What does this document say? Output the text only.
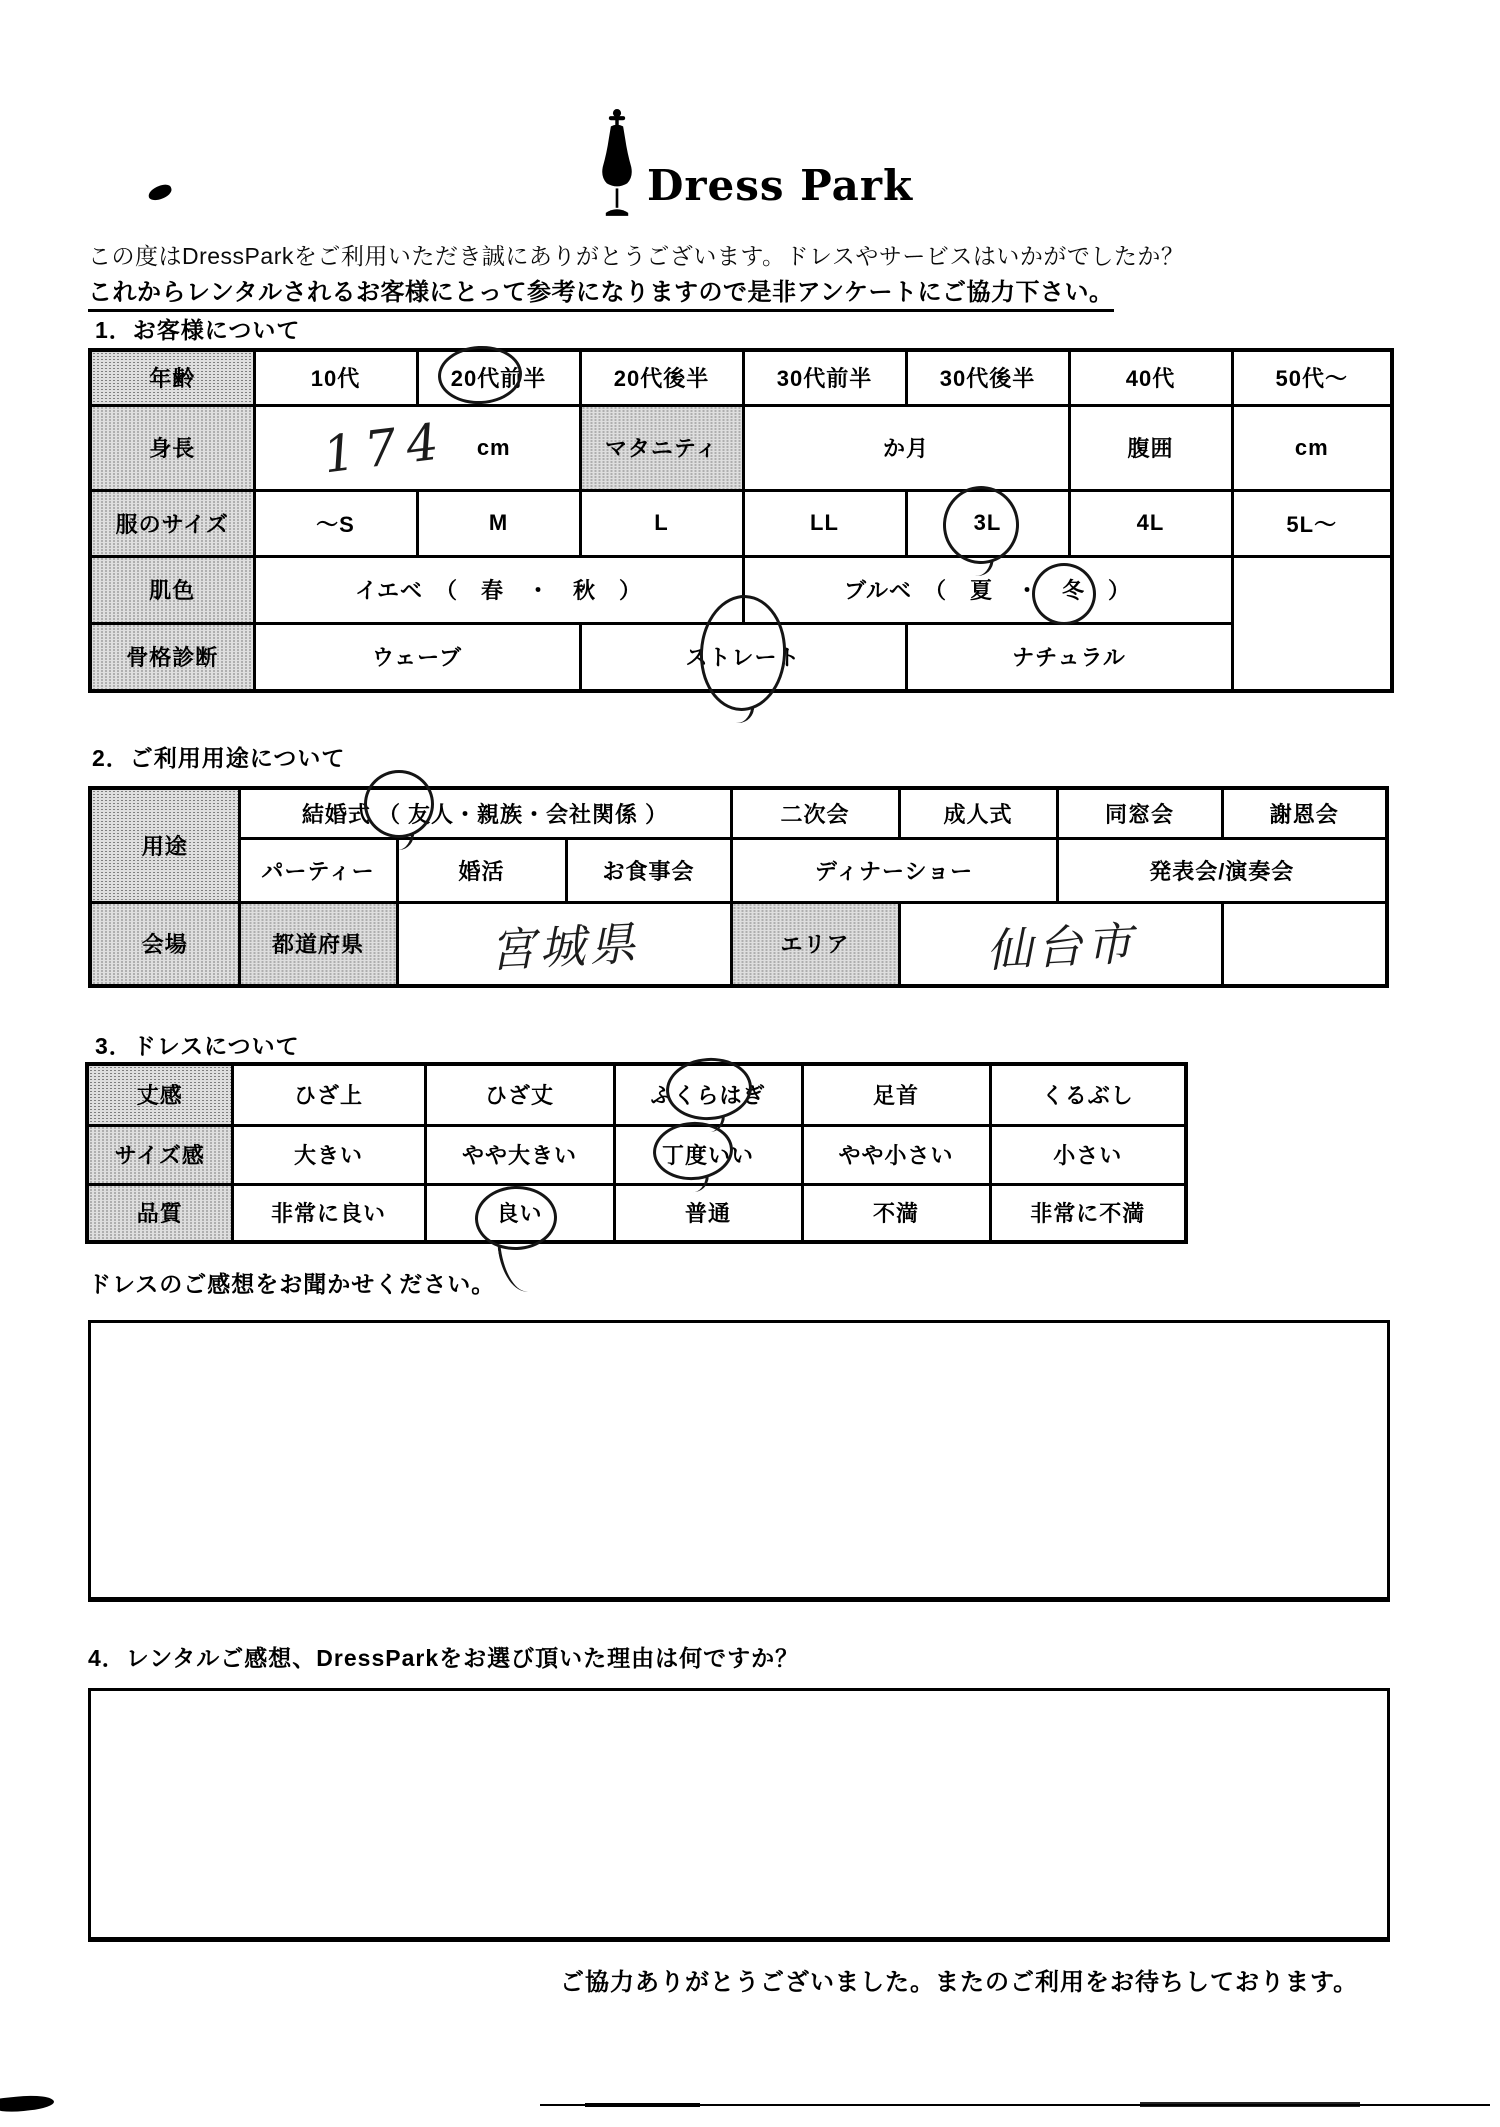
Dress Park
この度はDressParkをご利用いただき誠にありがとうございます。ドレスやサービスはいかがでしたか？
これからレンタルされるお客様にとって参考になりますので是非アンケートにご協力下さい。
1．お客様について
年齢	10代	20代前半	20代後半	30代前半	30代後半	40代	50代～
身長	174 cm		マタニティ	か月		腹囲	cm
服のサイズ	～S	M	L	LL	3L	4L	5L～
肌色	イエベ　（　春　・　秋　）			ブルベ　（　夏　・　冬　）			
骨格診断	ウェーブ		ストレート		ナチュラル		
2．ご利用用途について
用途	結婚式 （ 友人・親族・会社関係 ）			二次会	成人式	同窓会	謝恩会
	パーティー	婚活	お食事会	ディナーショー		発表会/演奏会	
会場	都道府県	宮城県		エリア	仙台市		
3．ドレスについて
丈感	ひざ上	ひざ丈	ふくらはぎ	足首	くるぶし
サイズ感	大きい	やや大きい	丁度いい	やや小さい	小さい
品質	非常に良い	良い	普通	不満	非常に不満
ドレスのご感想をお聞かせください。
4．レンタルご感想、DressParkをお選び頂いた理由は何ですか？
ご協力ありがとうございました。またのご利用をお待ちしております。
